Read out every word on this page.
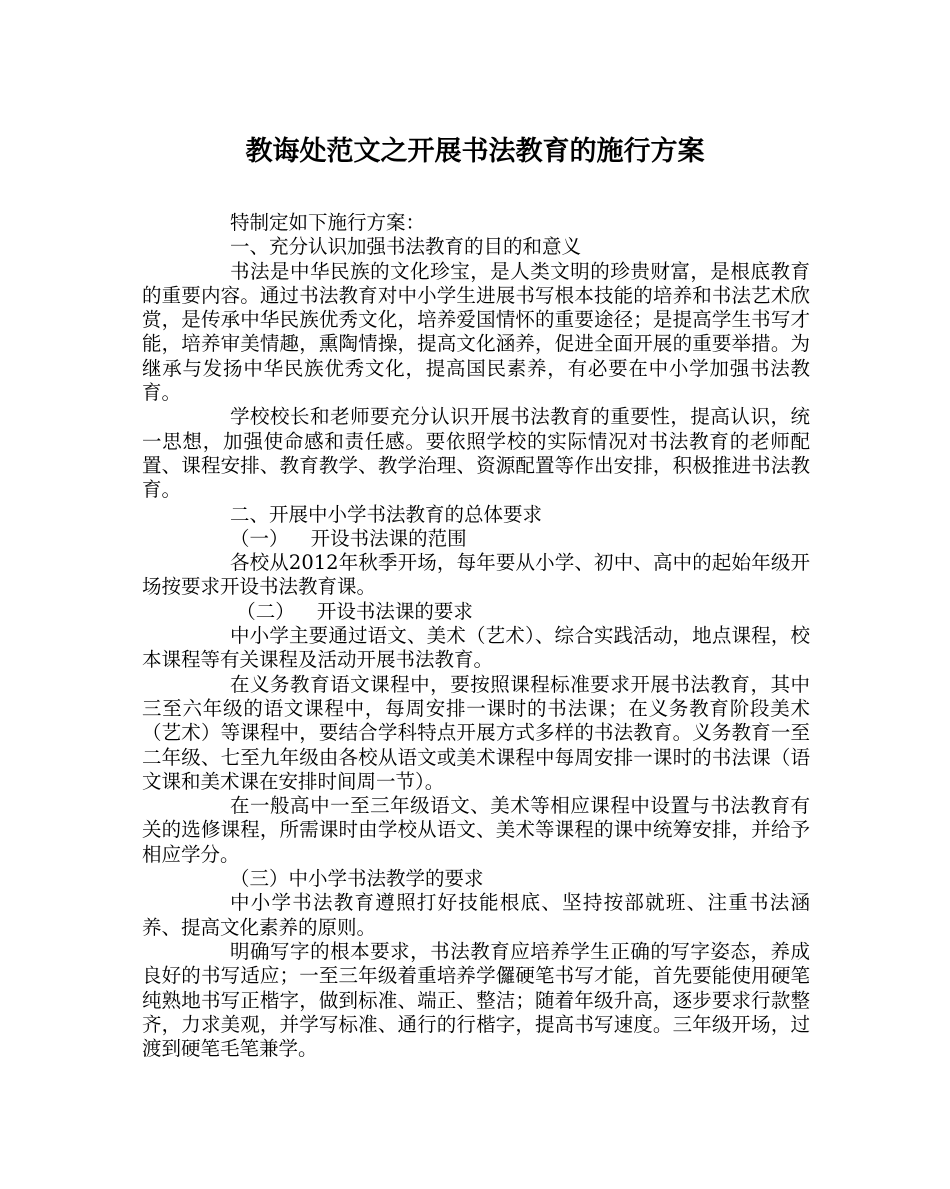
教诲处范文之开展书法教育的施行方案

特制定如下施行方案：

一、充分认识加强书法教育的目的和意义

书法是中华民族的文化珍宝，是人类文明的珍贵财富，是根底教育的重要内容。通过书法教育对中小学生进展书写根本技能的培养和书法艺术欣赏，是传承中华民族优秀文化，培养爱国情怀的重要途径；是提高学生书写才能，培养审美情趣，熏陶情操，提高文化涵养，促进全面开展的重要举措。为继承与发扬中华民族优秀文化，提高国民素养，有必要在中小学加强书法教育。

学校校长和老师要充分认识开展书法教育的重要性，提高认识，统一思想，加强使命感和责任感。要依照学校的实际情况对书法教育的老师配置、课程安排、教育教学、教学治理、资源配置等作出安排，积极推进书法教育。

二、开展中小学书法教育的总体要求

（一）　  开设书法课的范围

各校从2012年秋季开场，每年要从小学、初中、高中的起始年级开场按要求开设书法教育课。

（二）　  开设书法课的要求

中小学主要通过语文、美术（艺术）、综合实践活动，地点课程，校本课程等有关课程及活动开展书法教育。

在义务教育语文课程中，要按照课程标准要求开展书法教育，其中三至六年级的语文课程中，每周安排一课时的书法课；在义务教育阶段美术（艺术）等课程中，要结合学科特点开展方式多样的书法教育。义务教育一至二年级、七至九年级由各校从语文或美术课程中每周安排一课时的书法课（语文课和美术课在安排时间周一节）。

在一般高中一至三年级语文、美术等相应课程中设置与书法教育有关的选修课程，所需课时由学校从语文、美术等课程的课中统筹安排，并给予相应学分。

（三）中小学书法教学的要求

中小学书法教育遵照打好技能根底、坚持按部就班、注重书法涵养、提高文化素养的原则。

明确写字的根本要求，书法教育应培养学生正确的写字姿态，养成良好的书写适应；一至三年级着重培养学儸硬笔书写才能，首先要能使用硬笔纯熟地书写正楷字，做到标准、端正、整洁；随着年级升高，逐步要求行款整齐，力求美观，并学写标准、通行的行楷字，提高书写速度。三年级开场，过渡到硬笔毛笔兼学。
